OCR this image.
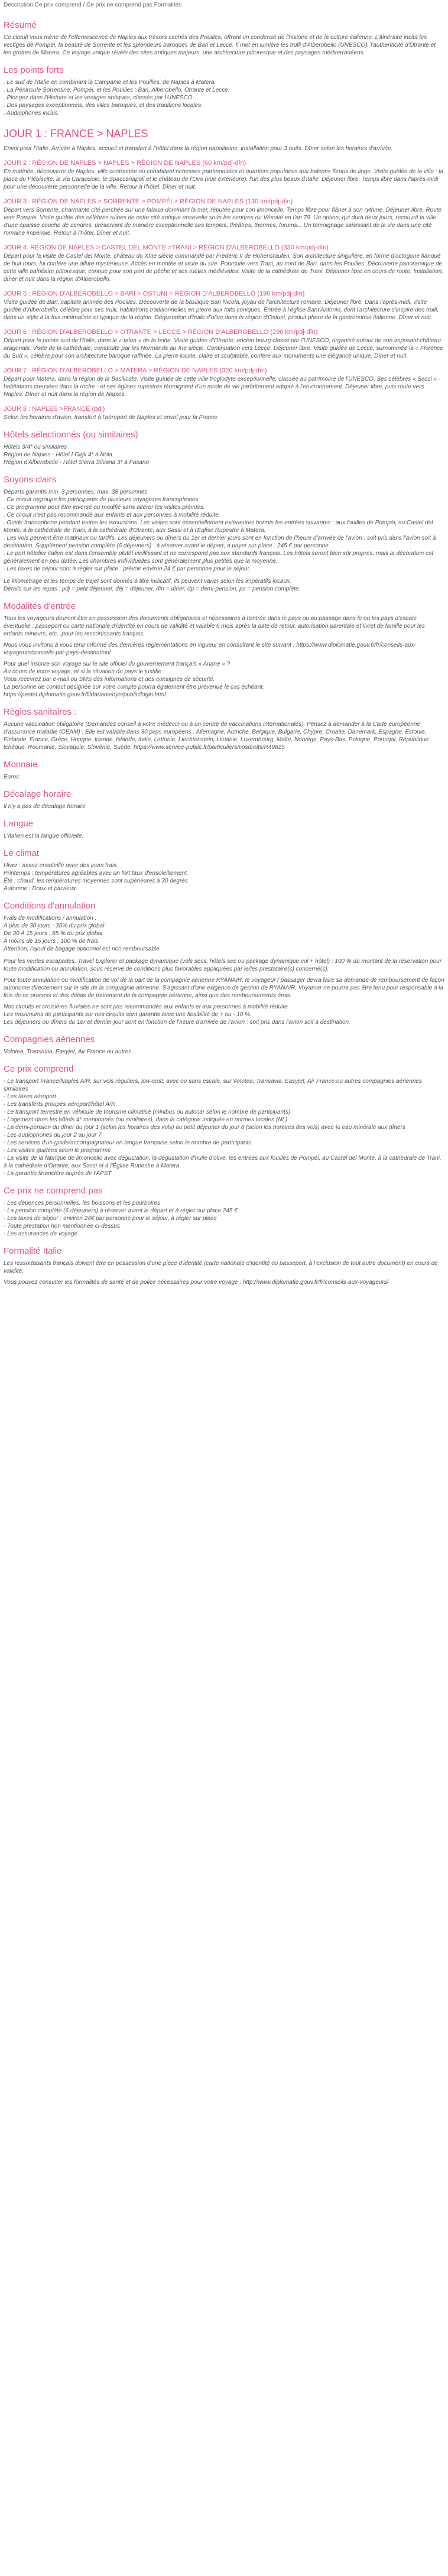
Description Ce prix comprend / Ce prix ne comprend pas Formalités
Résumé

Ce circuit vous mène de l'effervescence de Naples aux trésors cachés des Pouilles, offrant un condensé de l'histoire et de la culture italienne. L'itinéraire inclut les vestiges de Pompéi, la beauté de Sorrente et les splendeurs baroques de Bari et Lecce. Il met en lumière les trulli d'Alberobello (UNESCO), l'authenticité d'Otrante et les grottes de Matera. Ce voyage unique révèle des sites antiques majeurs, une architecture pittoresque et des paysages méditerranéens.

Les points forts
. Le sud de l'Italie en combinant la Campanie et les Pouilles, de Naples à Matera.
. La Péninsule Sorrentine, Pompéi, et les Pouilles : Bari, Alberobello, Otrante et Lecce.
. Plongez dans l'Histoire et les vestiges antiques, classés par l'UNESCO.
. Des paysages exceptionnels, des villes baroques, et des traditions locales.
. Audiophones inclus.
JOUR 1 : FRANCE > NAPLES

Envol pour l'Italie. Arrivée à Naples, accueil et transfert à l'hôtel dans la région napolitaine, installation pour 3 nuits. Dîner selon les horaires d'arrivée.

JOUR 2 : RÉGION DE NAPLES > NAPLES > RÉGION DE NAPLES (60 km/pdj-dîn)

En matinée, découverte de Naples, ville contrastée où cohabitent richesses patrimoniales et quartiers populaires aux balcons fleuris de linge. Visite guidée de la ville : la place du Plébiscite, la via Caracciolo, le Spaccanapoli et le château de l'Ovo (vue extérieure), l'un des plus beaux d'Italie. Déjeuner libre. Temps libre dans l'après-midi pour une découverte personnelle de la ville. Retour à l'hôtel, Dîner et nuit.

JOUR 3 : RÉGION DE NAPLES > SORRENTE > POMPÉI > RÉGION DE NAPLES (130 km/pdj-dîn)

Départ vers Sorrente, charmante cité perchée sur une falaise dominant la mer, réputée pour son limoncello. Temps libre pour flâner à son rythme. Déjeuner libre. Route vers Pompéi. Visite guidée des célèbres ruines de cette cité antique ensevelie sous les cendres du Vésuve en l'an 79. Un option, qui dura deux jours, recouvrit la ville d'une épaisse couche de cendres, préservant de manière exceptionnelle ses temples, théâtres, thermes, forums... Un témoignage saisissant de la vie dans une cité romaine impériale. Retour à l'hôtel. Dîner et nuit.

JOUR 4. RÉGION DE NAPLES > CASTEL DEL MONTE >TRANI > RÉGION D'ALBEROBELLO (330 km/pdj-dîn)

Départ pour la visite de Castel del Monte, château du XIIIe siècle commandé par Frédéric II de Hohenstaufen. Son architecture singulière, en forme d'octogone flanqué de huit tours, lui confère une allure mystérieuse. Accès en montée et visite du site. Poursuite vers Trani, au nord de Bari, dans les Pouilles. Découverte panoramique de cette ville balnéaire pittoresque, connue pour son port de pêche et ses ruelles médiévales. Visite de la cathédrale de Trani. Déjeuner libre en cours de route. Installation, dîner et nuit dans la région d'Alberobello.

JOUR 5 : RÉGION D'ALBEROBELLO > BARI > OSTUNI > RÉGION D'ALBEROBELLO (190 km/pdj-dîn)

Visite guidée de Bari, capitale animée des Pouilles. Découverte de la basilique San Nicola, joyau de l'architecture romane. Déjeuner libre. Dans l'après-midi, visite guidée d'Alberobello, célèbre pour ses trulli, habitations traditionnelles en pierre aux toits coniques. Entrée à l'église Sant'Antonio, dont l'architecture s'inspire des trulli, dans un style à la fois minimaliste et typique de la région. Dégustation d'huile d'olive dans la région d'Ostuni, produit phare de la gastronomie italienne. Dîner et nuit.

JOUR 6 : RÉGION D'ALBEROBELLO > OTRANTE > LECCE > RÉGION D'ALBEROBELLO (290 km/pdj-dîn)

Départ pour la pointe sud de l'Italie, dans le « talon » de la botte. Visite guidée d'Otrante, ancien bourg classé par l'UNESCO, organisé autour de son imposant château aragonais. Visite de la cathédrale, construite par les Normands au XIe siècle. Continuation vers Lecce. Déjeuner libre. Visite guidée de Lecce, surnommée la « Florence du Sud », célèbre pour son architecture baroque raffinée. La pierre locale, claire et sculptable, confère aux monuments une élégance unique. Dîner et nuit.

JOUR 7 : RÉGION D'ALBEROBELLO > MATERA > RÉGION DE NAPLES (320 km/pdj-dîn)

Départ pour Matera, dans la région de la Basilicate. Visite guidée de cette ville troglodyte exceptionnelle, classée au patrimoine de l'UNESCO. Ses célèbres « Sassi » - habitations creusées dans la roche - et ses églises rupestres témoignent d'un mode de vie parfaitement adapté à l'environnement. Déjeuner libre, puis route vers Naples. Dîner et nuit dans la région de Naples.

JOUR 8 : NAPLES >FRANCE (pdj)

Selon les horaires d'avion, transfert à l'aéroport de Naples et envol pour la France.

Hôtels sélectionnés (ou similaires)
Hôtels 3/4* ou similaires
Région de Naples - Hôtel I Gigli 4* à Nola
Région d'Alberobello - Hôtel Sierra Silvana 3* à Fasano
Soyons clairs
Départs garantis min. 3 personnes, max. 38 personnes
. Ce circuit regroupe les participants de plusieurs voyagistes francophones.
. Ce programme peut être inversé ou modifié sans altérer les visites prévues.
. Ce circuit n'est pas recommandé aux enfants et aux personnes à mobilité réduite.
. Guide francophone pendant toutes les excursions. Les visites sont essentiellement extérieures hormis les entrées suivantes : aux fouilles de Pompéi, au Castel del Monte, à la cathédrale de Trani, à la cathédrale d'Otrante, aux Sassi et à l'Église Rupestre à Matera.
. Les vols peuvent être matinaux ou tardifs. Les déjeuners ou dîners du 1er et dernier jours sont en fonction de l'heure d'arrivée de l'avion : soit pris dans l'avion soit à destination. Supplément pension complète (6 déjeuners) : à réserver avant le départ, à payer sur place : 245 € par personne.
. Le port hôtelier italien est dans l'ensemble plutôt vieillissant et ne correspond pas aux standards français. Les hôtels seront bien sûr propres, mais la décoration est généralement en peu datée. Les chambres individuelles sont généralement plus petites que la moyenne.
. Les taxes de séjour sont à régler sur place : prévoir environ 24 € par personne pour le séjour.
Le kilométrage et les temps de trajet sont donnés à titre indicatif, ils peuvent varier selon les impératifs locaux.
Détails sur les repas : pdj = petit déjeuner, déj = déjeuner, dîn = dîner, dp = demi-pension, pc = pension complète.
Modalités d'entrée

Tous les voyageurs devront être en possession des documents obligatoires et nécessaires à l'entrée dans le pays ou au passage dans le ou les pays d'escale éventuelle : passeport ou carte nationale d'identité en cours de validité et valable 6 mois après la date de retour, autorisation parentale et livret de famille pour les enfants mineurs, etc...pour les ressortissants français.

Nous vous invitons à vous tenir informé des dernières réglementations en vigueur en consultant le site suivant : https://www.diplomatie.gouv.fr/fr/conseils-aux-voyageurs/conseils-par-pays-destination/

Pour quel inscrire son voyage sur le site officiel du gouvernement français « Ariane » ?
Au cours de votre voyage, et si la situation du pays le justifie :
Vous recevrez par e-mail ou SMS des informations et des consignes de sécurité.
La personne de contact désignée sur votre compte pourra également être prévenue le cas échéant.
https://pastel.diplomatie.gouv.fr/fildariane/dyn/public/login.html
Règles sanitaires :

Aucune vaccination obligatoire (Demandez conseil à votre médecin ou à un centre de vaccinations internationales). Pensez à demander à la Carte européenne d'assurance maladie (CEAM) : Elle est valable dans 30 pays européens : Allemagne, Autriche, Belgique, Bulgarie, Chypre, Croatie, Danemark, Espagne, Estonie, Finlande, France, Grèce, Hongrie, Irlande, Islande, Italie, Lettonie, Liechtenstein, Lituanie, Luxembourg, Malte, Norvège, Pays-Bas, Pologne, Portugal, République tchèque, Roumanie, Slovaquie, Slovénie, Suède. https://www.service-public.fr/particuliers/vosdroits/R49815

Monnaie

Euros

Décalage horaire

Il n'y a pas de décalage horaire

Langue

L'Italien est la langue officielle.

Le climat
Hiver : assez ensoleillé avec des jours frais.
Printemps : températures agréables avec un fort taux d'ensoleillement.
Été : chaud, les températures moyennes sont supérieures à 30 degrés
Automne : Doux et pluvieux.
Conditions d'annulation
Frais de modifications / annulation :
A plus de 30 jours : 35% du prix global
De 30 A 15 jours : 85 % du prix global
A moins de 15 jours : 100 % de frais
Attention, l'ajout de bagage optionnel est non remboursable.

Pour les ventes escapades, Travel Explorer et package dynamique (vols secs, hôtels sec ou package dynamique vol + hôtel) : 100 % du montant de la réservation pour toute modification ou annulation, sous réserve de conditions plus favorables appliquées par le/les prestataire(s) concerné(s).

Pour toute annulation ou modification de vol de la part de la compagnie aérienne RYANAIR, le voyageur / passager devra faire sa demande de remboursement de façon autonome directement sur le site de la compagnie aérienne. S'agissant d'une exigence de gestion de RYANAIR, Voyamar ne pourra pas être tenu pour responsable à la fois de ce process et des délais de traitement de la compagnie aérienne, ainsi que des remboursements émis.

Nos circuits et croisières fluviales ne sont pas recommandés aux enfants et aux personnes à mobilité réduite.
Les maximums de participants sur nos circuits sont garantis avec une flexibilité de + ou - 10 %.
Les déjeuners ou dîners du 1er et dernier jour sont en fonction de l'heure d'arrivée de l'avion : soit pris dans l'avion soit à destination.
Compagnies aériennes

Volotea, Transavia, Easyjet, Air France ou autres...

Ce prix comprend
- Le transport France/Naples A/R, sur vols réguliers, low-cost, avec ou sans escale, sur Volotea, Transavia, Easyjet, Air France ou autres compagnies aériennes similaires
- Les taxes aéroport
- Les transferts groupés aéroport/hôtel A/R
- Le transport terrestre en véhicule de tourisme climatisé (minibus ou autocar selon le nombre de participants)
- Logement dans les hôtels 4* mentionnés (ou similaires), dans la catégorie indiquée en normes locales (NL)
- La demi-pension du dîner du jour 1 (selon les horaires des vols) au petit déjeuner du jour 8 (selon les horaires des vols) avec ¼ eau minérale aux dîners
- Les audiophones du jour 2 au jour 7
- Les services d'un guide/accompagnateur en langue française selon le nombre de participants
- Les visites guidées selon le programme
- La visite de la fabrique de limoncello avec dégustation, la dégustation d'huile d'olive, les entrées aux fouilles de Pompéi, au Castel del Monte, à la cathédrale de Trani, à la cathédrale d'Otrante, aux Sassi et à l'Église Rupestre à Matera
- La garantie financière auprès de l'APST
Ce prix ne comprend pas
- Les dépenses personnelles, les boissons et les pourboires
- La pension complète (6 déjeuners) à réserver avant le départ et à régler sur place 245 €
- Les taxes de séjour : environ 24€ par personne pour le séjour, à régler sur place
- Toute prestation non mentionnée ci-dessus
- Les assurances de voyage
Formalité Italie

Les ressortissants français doivent être en possession d'une pièce d'identité (carte nationale d'identité ou passeport, à l'exclusion de tout autre document) en cours de validité.

Vous pouvez consulter les formalités de santé et de police nécessaires pour votre voyage : http://www.diplomatie.gouv.fr/fr/conseils-aux-voyageurs/
